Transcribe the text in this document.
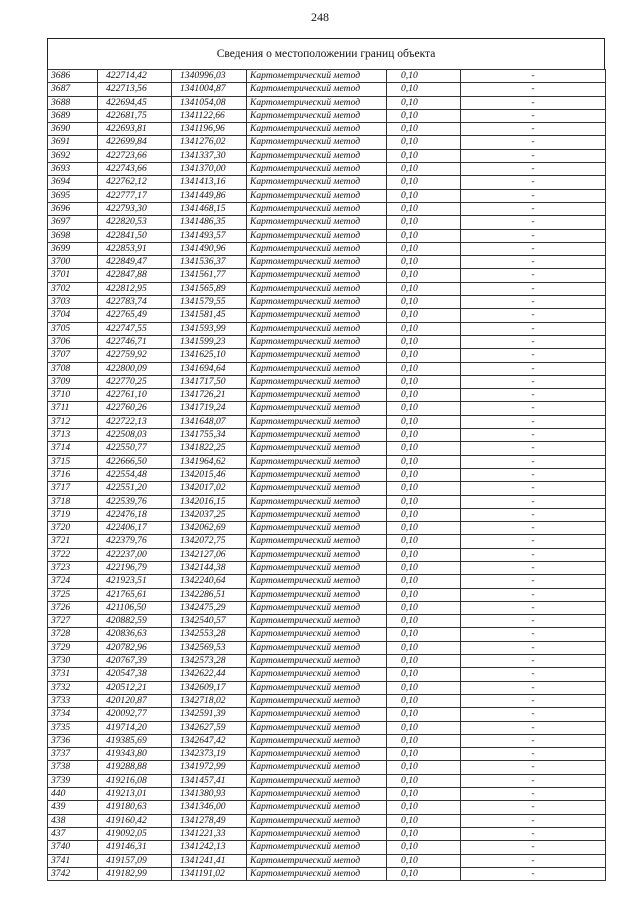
248
Сведения о местоположении границ объекта
3686	422714,42	1340996,03	Картометрический метод	0,10	-
3687	422713,56	1341004,87	Картометрический метод	0,10	-
3688	422694,45	1341054,08	Картометрический метод	0,10	-
3689	422681,75	1341122,66	Картометрический метод	0,10	-
3690	422693,81	1341196,96	Картометрический метод	0,10	-
3691	422699,84	1341276,02	Картометрический метод	0,10	-
3692	422723,66	1341337,30	Картометрический метод	0,10	-
3693	422743,66	1341370,00	Картометрический метод	0,10	-
3694	422762,12	1341413,16	Картометрический метод	0,10	-
3695	422777,17	1341449,86	Картометрический метод	0,10	-
3696	422793,30	1341468,15	Картометрический метод	0,10	-
3697	422820,53	1341486,35	Картометрический метод	0,10	-
3698	422841,50	1341493,57	Картометрический метод	0,10	-
3699	422853,91	1341490,96	Картометрический метод	0,10	-
3700	422849,47	1341536,37	Картометрический метод	0,10	-
3701	422847,88	1341561,77	Картометрический метод	0,10	-
3702	422812,95	1341565,89	Картометрический метод	0,10	-
3703	422783,74	1341579,55	Картометрический метод	0,10	-
3704	422765,49	1341581,45	Картометрический метод	0,10	-
3705	422747,55	1341593,99	Картометрический метод	0,10	-
3706	422746,71	1341599,23	Картометрический метод	0,10	-
3707	422759,92	1341625,10	Картометрический метод	0,10	-
3708	422800,09	1341694,64	Картометрический метод	0,10	-
3709	422770,25	1341717,50	Картометрический метод	0,10	-
3710	422761,10	1341726,21	Картометрический метод	0,10	-
3711	422760,26	1341719,24	Картометрический метод	0,10	-
3712	422722,13	1341648,07	Картометрический метод	0,10	-
3713	422508,03	1341755,34	Картометрический метод	0,10	-
3714	422550,77	1341822,25	Картометрический метод	0,10	-
3715	422666,50	1341964,62	Картометрический метод	0,10	-
3716	422554,48	1342015,46	Картометрический метод	0,10	-
3717	422551,20	1342017,02	Картометрический метод	0,10	-
3718	422539,76	1342016,15	Картометрический метод	0,10	-
3719	422476,18	1342037,25	Картометрический метод	0,10	-
3720	422406,17	1342062,69	Картометрический метод	0,10	-
3721	422379,76	1342072,75	Картометрический метод	0,10	-
3722	422237,00	1342127,06	Картометрический метод	0,10	-
3723	422196,79	1342144,38	Картометрический метод	0,10	-
3724	421923,51	1342240,64	Картометрический метод	0,10	-
3725	421765,61	1342286,51	Картометрический метод	0,10	-
3726	421106,50	1342475,29	Картометрический метод	0,10	-
3727	420882,59	1342540,57	Картометрический метод	0,10	-
3728	420836,63	1342553,28	Картометрический метод	0,10	-
3729	420782,96	1342569,53	Картометрический метод	0,10	-
3730	420767,39	1342573,28	Картометрический метод	0,10	-
3731	420547,38	1342622,44	Картометрический метод	0,10	-
3732	420512,21	1342609,17	Картометрический метод	0,10	-
3733	420120,87	1342718,02	Картометрический метод	0,10	-
3734	420092,77	1342591,39	Картометрический метод	0,10	-
3735	419714,20	1342627,59	Картометрический метод	0,10	-
3736	419385,69	1342647,42	Картометрический метод	0,10	-
3737	419343,80	1342373,19	Картометрический метод	0,10	-
3738	419288,88	1341972,99	Картометрический метод	0,10	-
3739	419216,08	1341457,41	Картометрический метод	0,10	-
440	419213,01	1341380,93	Картометрический метод	0,10	-
439	419180,63	1341346,00	Картометрический метод	0,10	-
438	419160,42	1341278,49	Картометрический метод	0,10	-
437	419092,05	1341221,33	Картометрический метод	0,10	-
3740	419146,31	1341242,13	Картометрический метод	0,10	-
3741	419157,09	1341241,41	Картометрический метод	0,10	-
3742	419182,99	1341191,02	Картометрический метод	0,10	-
